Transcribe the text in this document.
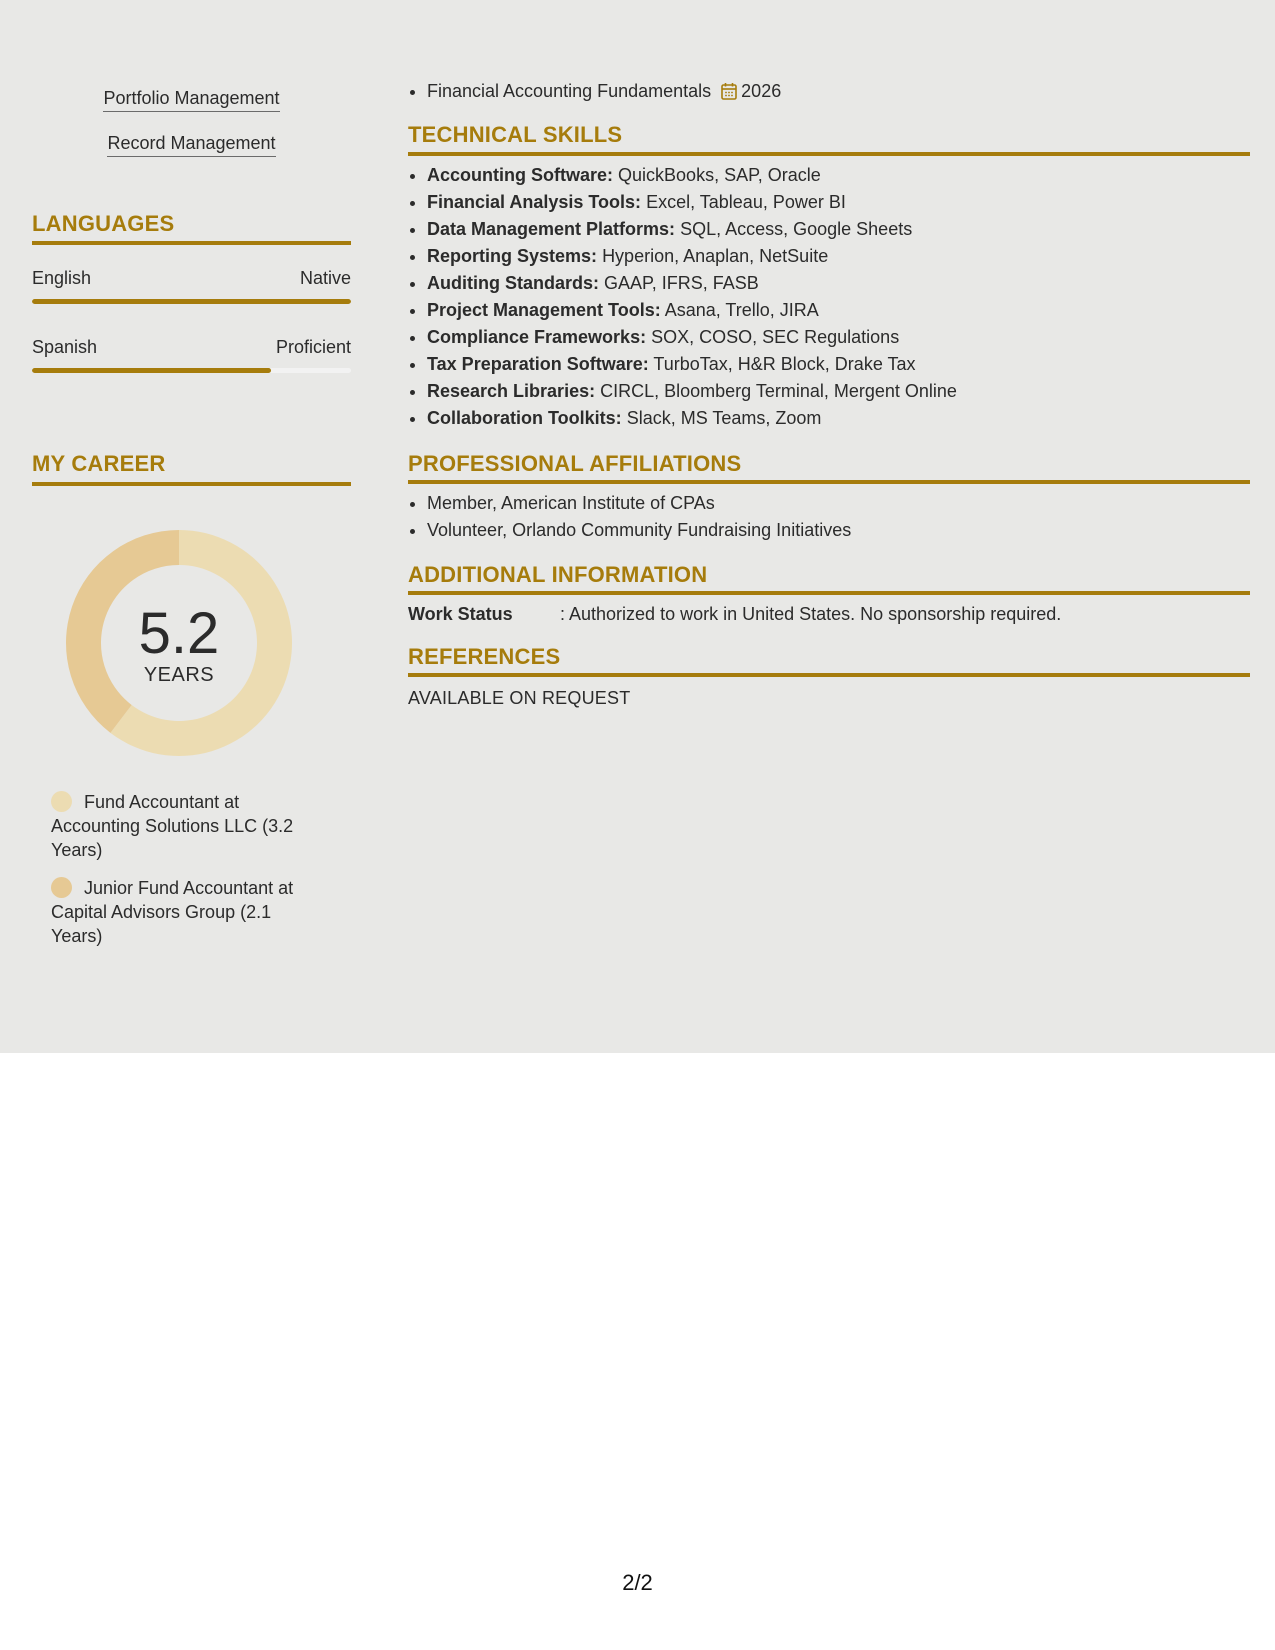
Portfolio Management
Record Management
LANGUAGES
English	Native
Spanish	Proficient
MY CAREER
5.2
YEARS
Fund Accountant at Accounting Solutions LLC (3.2 Years)
Junior Fund Accountant at Capital Advisors Group (2.1 Years)
• Financial Accounting Fundamentals 2026
TECHNICAL SKILLS
• Accounting Software: QuickBooks, SAP, Oracle
• Financial Analysis Tools: Excel, Tableau, Power BI
• Data Management Platforms: SQL, Access, Google Sheets
• Reporting Systems: Hyperion, Anaplan, NetSuite
• Auditing Standards: GAAP, IFRS, FASB
• Project Management Tools: Asana, Trello, JIRA
• Compliance Frameworks: SOX, COSO, SEC Regulations
• Tax Preparation Software: TurboTax, H&R Block, Drake Tax
• Research Libraries: CIRCL, Bloomberg Terminal, Mergent Online
• Collaboration Toolkits: Slack, MS Teams, Zoom
PROFESSIONAL AFFILIATIONS
• Member, American Institute of CPAs
• Volunteer, Orlando Community Fundraising Initiatives
ADDITIONAL INFORMATION
Work Status	: Authorized to work in United States. No sponsorship required.
REFERENCES
AVAILABLE ON REQUEST
2/2
